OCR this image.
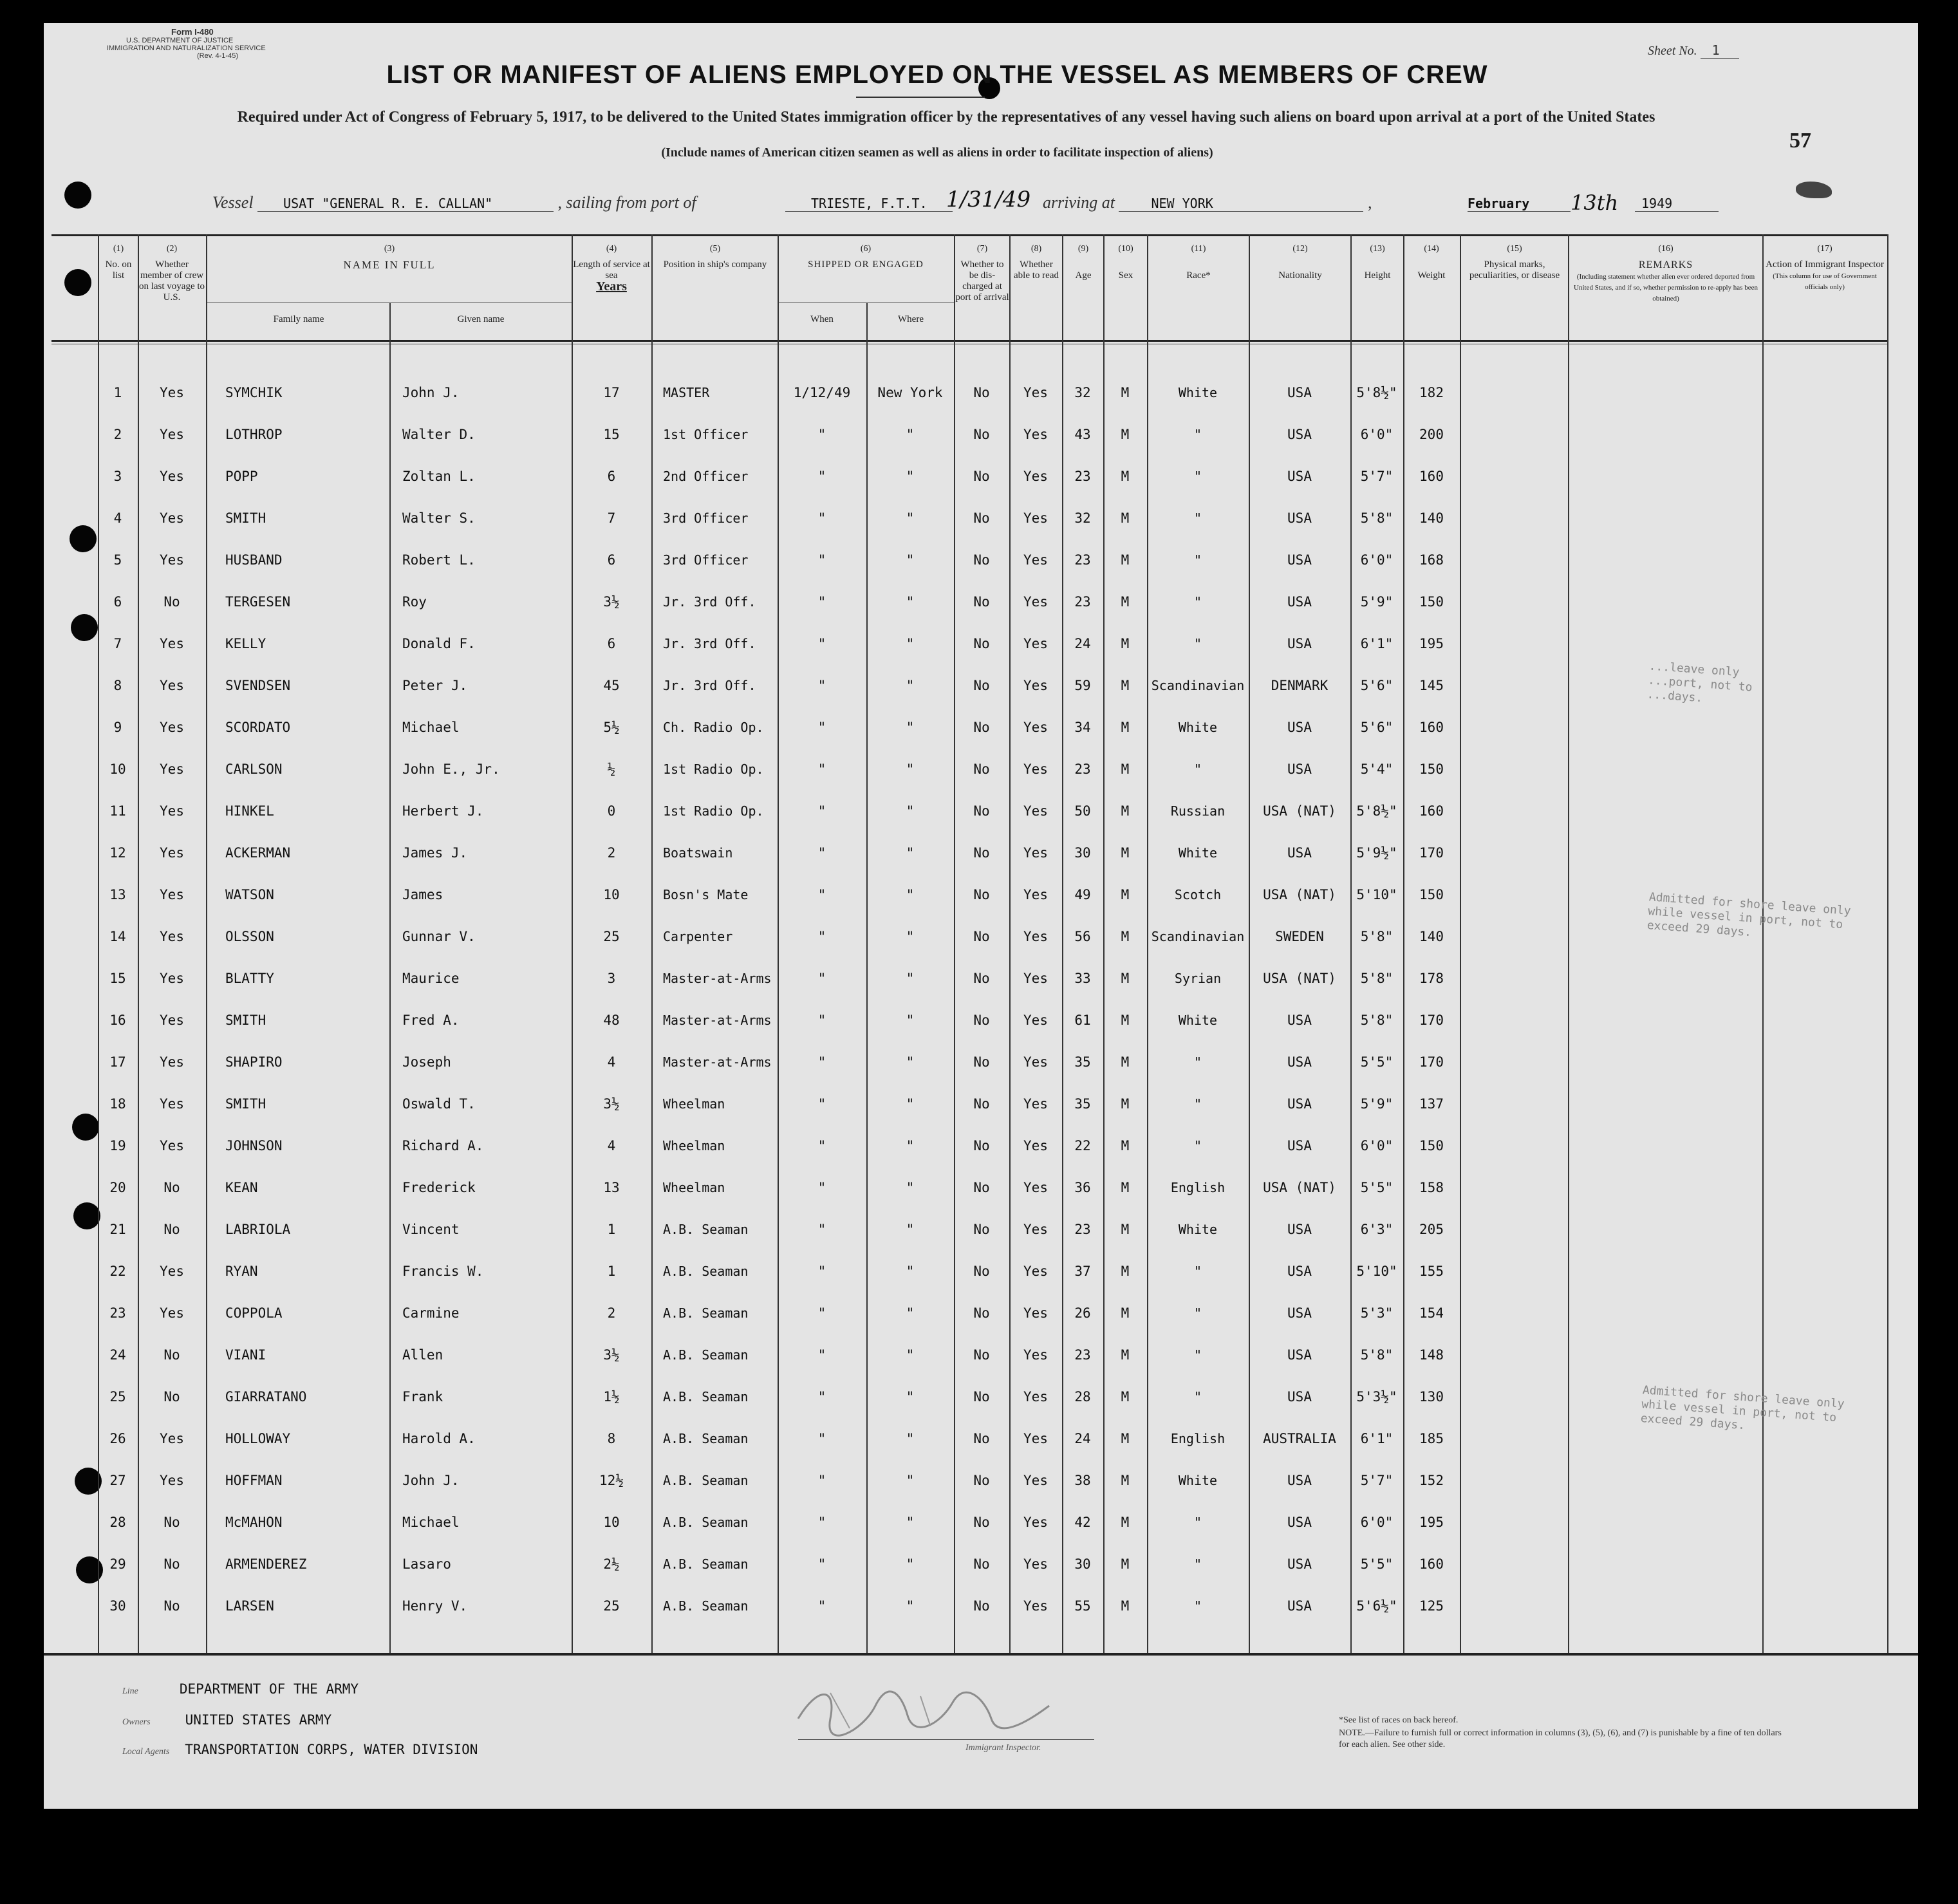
Form I-480
U.S. DEPARTMENT OF JUSTICE
IMMIGRATION AND NATURALIZATION SERVICE
(Rev. 4-1-45)	Sheet No. 1
LIST OR MANIFEST OF ALIENS EMPLOYED ON THE VESSEL AS MEMBERS OF CREW
Required under Act of Congress of February 5, 1917, to be delivered to the United States immigration officer by the representatives of any vessel having such aliens on board upon arrival at a port of the United States
(Include names of American citizen seamen as well as aliens in order to facilitate inspection of aliens)	57
Vessel USAT "GENERAL R. E. CALLAN"	, sailing from port of	TRIESTE, F.T.T. 1/31/49 arriving at	NEW YORK	,	February	13th	1949
(1)
No. on list
(2)
Whether member of crew on last voyage to U.S.
(3)
NAME IN FULL
Family name	Given name
(4)
Length of service at sea
Years
(5)
Position in ship's company
(6)
SHIPPED OR ENGAGED
When	Where
(7)
Whether to be dis-charged at port of arrival
(8)
Whether able to read
(9)

Age
(10)

Sex
(11)

Race*
(12)

Nationality
(13)

Height
(14)

Weight
(15)
Physical marks, peculiarities, or disease
(16)
REMARKS
(Including statement whether alien ever ordered deported from United States, and if so, whether permission to re-apply has been obtained)
(17)
Action of Immigrant Inspector
(This column for use of Government officials only)
1	Yes	SYMCHIK	John J.	17	MASTER	1/12/49	New York	No	Yes	32	M	White	USA	5'8½"	182
2	Yes	LOTHROP	Walter D.	15	1st Officer	"	"	No	Yes	43	M	"	USA	6'0"	200
3	Yes	POPP	Zoltan L.	6	2nd Officer	"	"	No	Yes	23	M	"	USA	5'7"	160
4	Yes	SMITH	Walter S.	7	3rd Officer	"	"	No	Yes	32	M	"	USA	5'8"	140
5	Yes	HUSBAND	Robert L.	6	3rd Officer	"	"	No	Yes	23	M	"	USA	6'0"	168
6	No	TERGESEN	Roy	3½	Jr. 3rd Off.	"	"	No	Yes	23	M	"	USA	5'9"	150
7	Yes	KELLY	Donald F.	6	Jr. 3rd Off.	"	"	No	Yes	24	M	"	USA	6'1"	195
8	Yes	SVENDSEN	Peter J.	45	Jr. 3rd Off.	"	"	No	Yes	59	M	Scandinavian	DENMARK	5'6"	145
9	Yes	SCORDATO	Michael	5½	Ch. Radio Op.	"	"	No	Yes	34	M	White	USA	5'6"	160
10	Yes	CARLSON	John E., Jr.	½	1st Radio Op.	"	"	No	Yes	23	M	"	USA	5'4"	150
11	Yes	HINKEL	Herbert J.	0	1st Radio Op.	"	"	No	Yes	50	M	Russian	USA (NAT)	5'8½"	160
12	Yes	ACKERMAN	James J.	2	Boatswain	"	"	No	Yes	30	M	White	USA	5'9½"	170
13	Yes	WATSON	James	10	Bosn's Mate	"	"	No	Yes	49	M	Scotch	USA (NAT)	5'10"	150
14	Yes	OLSSON	Gunnar V.	25	Carpenter	"	"	No	Yes	56	M	Scandinavian	SWEDEN	5'8"	140
15	Yes	BLATTY	Maurice	3	Master-at-Arms	"	"	No	Yes	33	M	Syrian	USA (NAT)	5'8"	178
16	Yes	SMITH	Fred A.	48	Master-at-Arms	"	"	No	Yes	61	M	White	USA	5'8"	170
17	Yes	SHAPIRO	Joseph	4	Master-at-Arms	"	"	No	Yes	35	M	"	USA	5'5"	170
18	Yes	SMITH	Oswald T.	3½	Wheelman	"	"	No	Yes	35	M	"	USA	5'9"	137
19	Yes	JOHNSON	Richard A.	4	Wheelman	"	"	No	Yes	22	M	"	USA	6'0"	150
20	No	KEAN	Frederick	13	Wheelman	"	"	No	Yes	36	M	English	USA (NAT)	5'5"	158
21	No	LABRIOLA	Vincent	1	A.B. Seaman	"	"	No	Yes	23	M	White	USA	6'3"	205
22	Yes	RYAN	Francis W.	1	A.B. Seaman	"	"	No	Yes	37	M	"	USA	5'10"	155
23	Yes	COPPOLA	Carmine	2	A.B. Seaman	"	"	No	Yes	26	M	"	USA	5'3"	154
24	No	VIANI	Allen	3½	A.B. Seaman	"	"	No	Yes	23	M	"	USA	5'8"	148
25	No	GIARRATANO	Frank	1½	A.B. Seaman	"	"	No	Yes	28	M	"	USA	5'3½"	130
26	Yes	HOLLOWAY	Harold A.	8	A.B. Seaman	"	"	No	Yes	24	M	English	AUSTRALIA	6'1"	185
27	Yes	HOFFMAN	John J.	12½	A.B. Seaman	"	"	No	Yes	38	M	White	USA	5'7"	152
28	No	McMAHON	Michael	10	A.B. Seaman	"	"	No	Yes	42	M	"	USA	6'0"	195
29	No	ARMENDEREZ	Lasaro	2½	A.B. Seaman	"	"	No	Yes	30	M	"	USA	5'5"	160
30	No	LARSEN	Henry V.	25	A.B. Seaman	"	"	No	Yes	55	M	"	USA	5'6½"	125
...leave only
...port, not to
...days.
Admitted for shore leave only
while vessel in port, not to
exceed 29 days.
Admitted for shore leave only
while vessel in port, not to
exceed 29 days.
Line	DEPARTMENT OF THE ARMY
Owners	UNITED STATES ARMY
Local Agents TRANSPORTATION CORPS, WATER DIVISION	Immigrant Inspector.
*See list of races on back hereof.
NOTE.—Failure to furnish full or correct information in columns (3), (5), (6), and (7) is punishable by a fine of ten dollars for each alien. See other side.
